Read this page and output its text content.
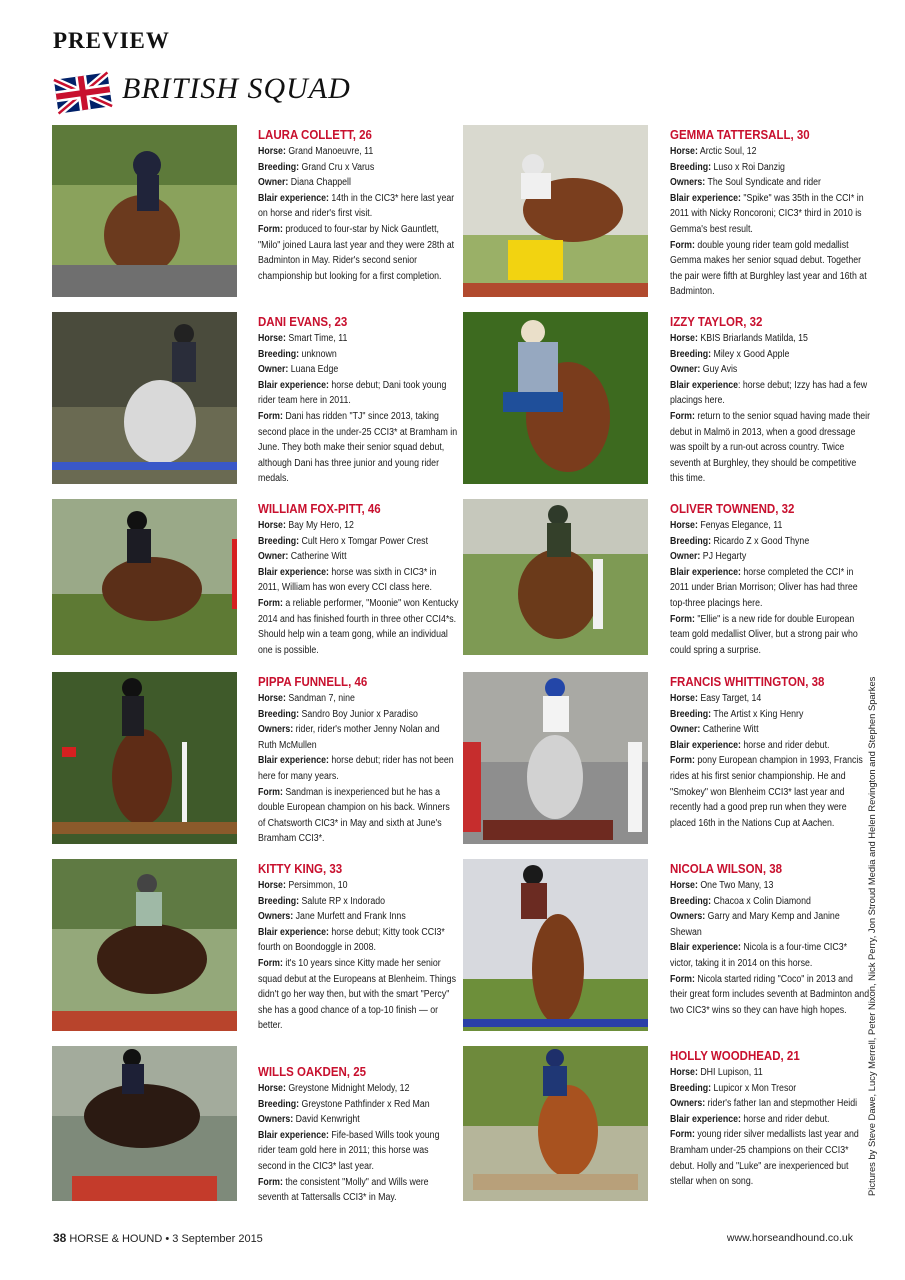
PREVIEW
BRITISH SQUAD
LAURA COLLETT, 26

Horse: Grand Manoeuvre, 11
Breeding: Grand Cru x Varus
Owner: Diana Chappell
Blair experience: 14th in the CIC3* here last year on horse and rider's first visit.
Form: produced to four-star by Nick Gauntlett, "Milo" joined Laura last year and they were 28th at Badminton in May. Rider's second senior championship but looking for a first completion.

DANI EVANS, 23

Horse: Smart Time, 11
Breeding: unknown
Owner: Luana Edge
Blair experience: horse debut; Dani took young rider team here in 2011.
Form: Dani has ridden "TJ" since 2013, taking second place in the under-25 CCI3* at Bramham in June. They both make their senior squad debut, although Dani has three junior and young rider medals.

WILLIAM FOX-PITT, 46

Horse: Bay My Hero, 12
Breeding: Cult Hero x Tomgar Power Crest
Owner: Catherine Witt
Blair experience: horse was sixth in CIC3* in 2011, William has won every CCI class here.
Form: a reliable performer, "Moonie" won Kentucky 2014 and has finished fourth in three other CCI4*s. Should help win a team gong, while an individual one is possible.

PIPPA FUNNELL, 46

Horse: Sandman 7, nine
Breeding: Sandro Boy Junior x Paradiso
Owners: rider, rider's mother Jenny Nolan and Ruth McMullen
Blair experience: horse debut; rider has not been here for many years.
Form: Sandman is inexperienced but he has a double European champion on his back. Winners of Chatsworth CIC3* in May and sixth at June's Bramham CCI3*.

KITTY KING, 33

Horse: Persimmon, 10
Breeding: Salute RP x Indorado
Owners: Jane Murfett and Frank Inns
Blair experience: horse debut; Kitty took CCI3* fourth on Boondoggle in 2008.
Form: it's 10 years since Kitty made her senior squad debut at the Europeans at Blenheim. Things didn't go her way then, but with the smart "Percy" she has a good chance of a top-10 finish — or better.

WILLS OAKDEN, 25

Horse: Greystone Midnight Melody, 12
Breeding: Greystone Pathfinder x Red Man
Owners: David Kenwright
Blair experience: Fife-based Wills took young rider team gold here in 2011; this horse was second in the CIC3* last year.
Form: the consistent "Molly" and Wills were seventh at Tattersalls CCI3* in May.

GEMMA TATTERSALL, 30

Horse: Arctic Soul, 12
Breeding: Luso x Roi Danzig
Owners: The Soul Syndicate and rider
Blair experience: "Spike" was 35th in the CCI* in 2011 with Nicky Roncoroni; CIC3* third in 2010 is Gemma's best result.
Form: double young rider team gold medallist Gemma makes her senior squad debut. Together the pair were fifth at Burghley last year and 16th at Badminton.

IZZY TAYLOR, 32

Horse: KBIS Briarlands Matilda, 15
Breeding: Miley x Good Apple
Owner: Guy Avis
Blair experience: horse debut; Izzy has had a few placings here.
Form: return to the senior squad having made their debut in Malmö in 2013, when a good dressage was spoilt by a run-out across country. Twice seventh at Burghley, they should be competitive this time.

OLIVER TOWNEND, 32

Horse: Fenyas Elegance, 11
Breeding: Ricardo Z x Good Thyne
Owner: PJ Hegarty
Blair experience: horse completed the CCI* in 2011 under Brian Morrison; Oliver has had three top-three placings here.
Form: "Ellie" is a new ride for double European team gold medallist Oliver, but a strong pair who could spring a surprise.

FRANCIS WHITTINGTON, 38

Horse: Easy Target, 14
Breeding: The Artist x King Henry
Owner: Catherine Witt
Blair experience: horse and rider debut.
Form: pony European champion in 1993, Francis rides at his first senior championship. He and "Smokey" won Blenheim CCI3* last year and recently had a good prep run when they were placed 16th in the Nations Cup at Aachen.

NICOLA WILSON, 38

Horse: One Two Many, 13
Breeding: Chacoa x Colin Diamond
Owners: Garry and Mary Kemp and Janine Shewan
Blair experience: Nicola is a four-time CIC3* victor, taking it in 2014 on this horse.
Form: Nicola started riding "Coco" in 2013 and their great form includes seventh at Badminton and two CIC3* wins so they can have high hopes.

HOLLY WOODHEAD, 21

Horse: DHI Lupison, 11
Breeding: Lupicor x Mon Tresor
Owners: rider's father Ian and stepmother Heidi
Blair experience: horse and rider debut.
Form: young rider silver medallists last year and Bramham under-25 champions on their CCI3* debut. Holly and "Luke" are inexperienced but stellar when on song.	Pictures by Steve Dawe, Lucy Merrell, Peter Nixon, Nick Perry, Jon Stroud Media and Helen Revington and Stephen Sparkes
38 HORSE & HOUND • 3 September 2015	www.horseandhound.co.uk
